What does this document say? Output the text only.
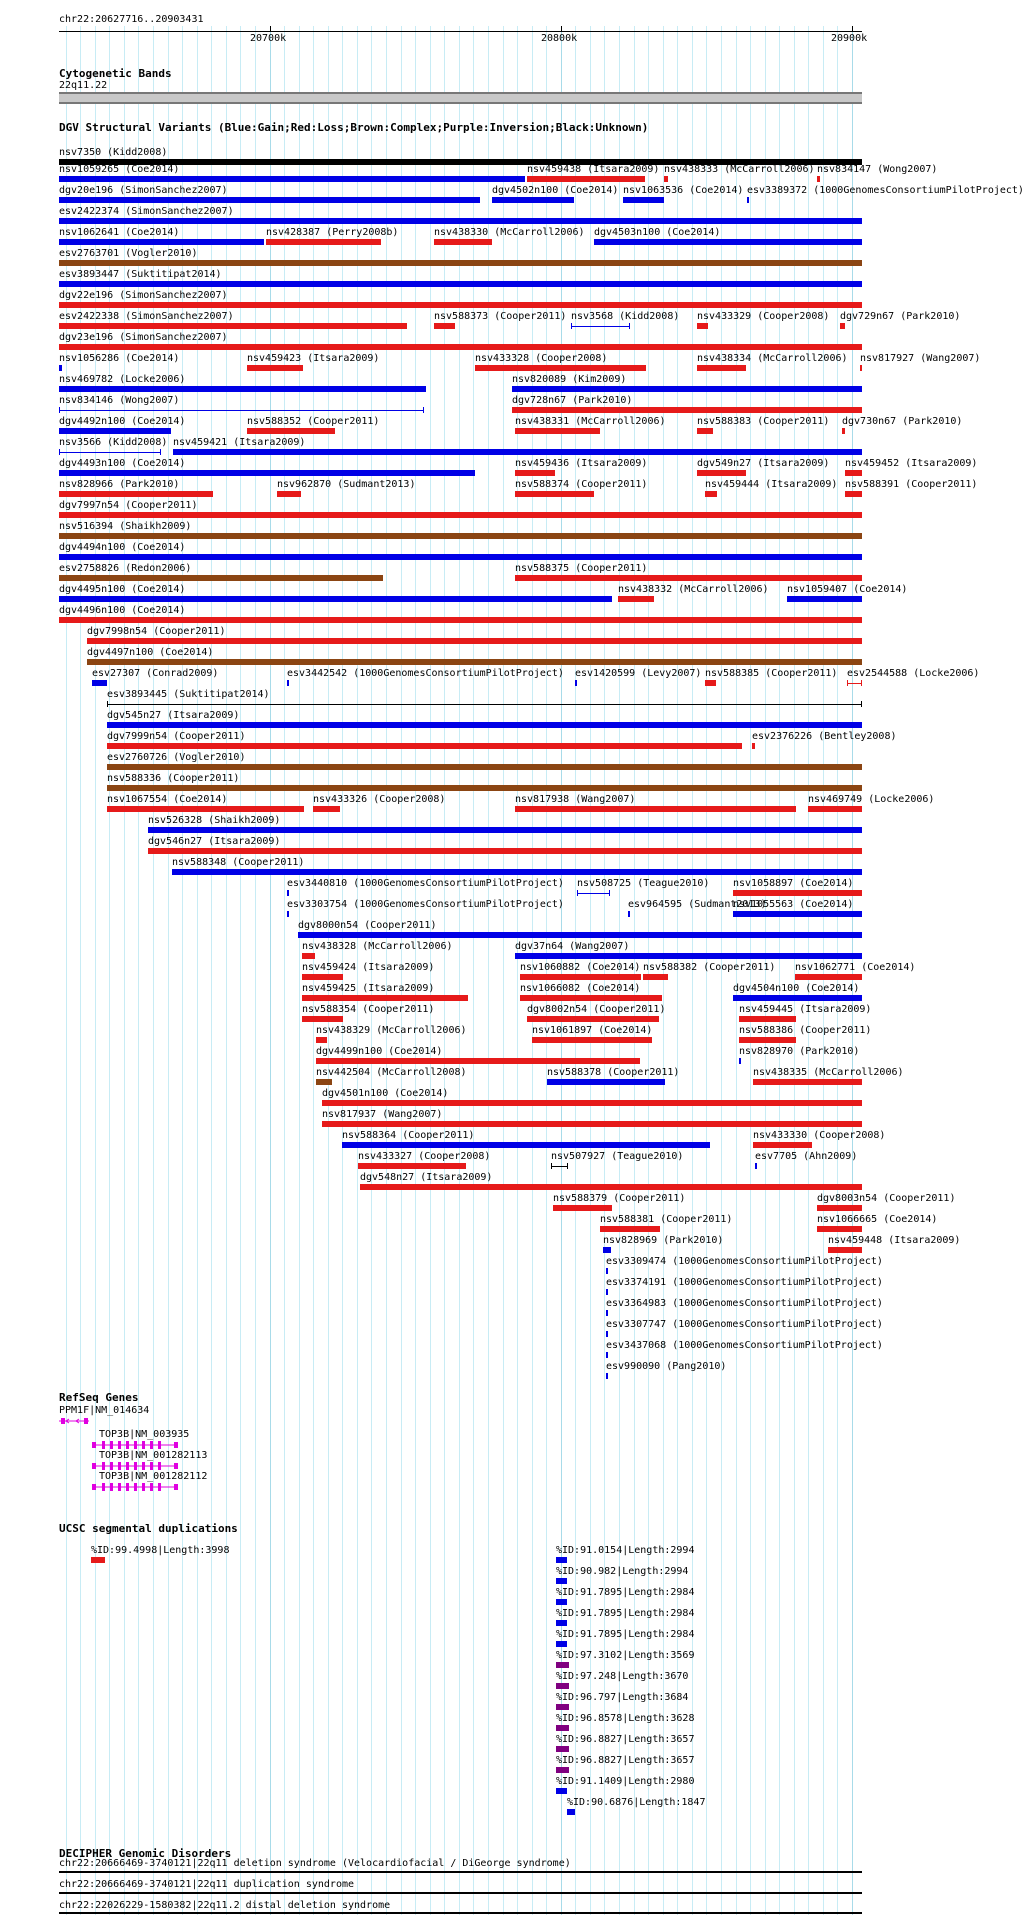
chr22:20627716..20903431
20700k	20800k	20900k
Cytogenetic Bands
22q11.22
DGV Structural Variants (Blue:Gain;Red:Loss;Brown:Complex;Purple:Inversion;Black:Unknown)
nsv7350 (Kidd2008)
nsv1059265 (Coe2014)	nsv459438 (Itsara2009) nsv438333 (McCarroll2006) nsv834147 (Wong2007)
dgv20e196 (SimonSanchez2007)	dgv4502n100 (Coe2014) nsv1063536 (Coe2014) esv3389372 (1000GenomesConsortiumPilotProject)
esv2422374 (SimonSanchez2007)
nsv1062641 (Coe2014)	nsv428387 (Perry2008b)	nsv438330 (McCarroll2006) dgv4503n100 (Coe2014)
esv2763701 (Vogler2010)
esv3893447 (Suktitipat2014)
dgv22e196 (SimonSanchez2007)
esv2422338 (SimonSanchez2007)	nsv588373 (Cooper2011) nsv3568 (Kidd2008) nsv433329 (Cooper2008) dgv729n67 (Park2010)
dgv23e196 (SimonSanchez2007)
nsv1056286 (Coe2014)	nsv459423 (Itsara2009)	nsv433328 (Cooper2008)	nsv438334 (McCarroll2006) nsv817927 (Wang2007)
nsv469782 (Locke2006)	nsv820089 (Kim2009)
nsv834146 (Wong2007)	dgv728n67 (Park2010)
dgv4492n100 (Coe2014)	nsv588352 (Cooper2011)	nsv438331 (McCarroll2006)	nsv588383 (Cooper2011) dgv730n67 (Park2010)
nsv3566 (Kidd2008) nsv459421 (Itsara2009)
dgv4493n100 (Coe2014)	nsv459436 (Itsara2009)	dgv549n27 (Itsara2009) nsv459452 (Itsara2009)
nsv828966 (Park2010)	nsv962870 (Sudmant2013)	nsv588374 (Cooper2011)	nsv459444 (Itsara2009) nsv588391 (Cooper2011)
dgv7997n54 (Cooper2011)
nsv516394 (Shaikh2009)
dgv4494n100 (Coe2014)
esv2758826 (Redon2006)	nsv588375 (Cooper2011)
dgv4495n100 (Coe2014)	nsv438332 (McCarroll2006) nsv1059407 (Coe2014)
dgv4496n100 (Coe2014)
dgv7998n54 (Cooper2011)
dgv4497n100 (Coe2014)
esv27307 (Conrad2009)	esv3442542 (1000GenomesConsortiumPilotProject) esv1420599 (Levy2007) nsv588385 (Cooper2011) esv2544588 (Locke2006)
esv3893445 (Suktitipat2014)
dgv545n27 (Itsara2009)
dgv7999n54 (Cooper2011)	esv2376226 (Bentley2008)
esv2760726 (Vogler2010)
nsv588336 (Cooper2011)
nsv1067554 (Coe2014)	nsv433326 (Cooper2008)	nsv817938 (Wang2007)	nsv469749 (Locke2006)
nsv526328 (Shaikh2009)
dgv546n27 (Itsara2009)
nsv588348 (Cooper2011)
esv3440810 (1000GenomesConsortiumPilotProject) nsv508725 (Teague2010) nsv1058897 (Coe2014)
esv3303754 (1000GenomesConsortiumPilotProject)	esv964595 (Sudmant2013)
nsv1055563 (Coe2014)
dgv8000n54 (Cooper2011)
nsv438328 (McCarroll2006)	dgv37n64 (Wang2007)
nsv459424 (Itsara2009)	nsv1060882 (Coe2014) nsv588382 (Cooper2011) nsv1062771 (Coe2014)
nsv459425 (Itsara2009)	nsv1066082 (Coe2014)	dgv4504n100 (Coe2014)
nsv588354 (Cooper2011)	dgv8002n54 (Cooper2011)	nsv459445 (Itsara2009)
nsv438329 (McCarroll2006)	nsv1061897 (Coe2014)	nsv588386 (Cooper2011)
dgv4499n100 (Coe2014)	nsv828970 (Park2010)
nsv442504 (McCarroll2008)	nsv588378 (Cooper2011)	nsv438335 (McCarroll2006)
dgv4501n100 (Coe2014)
nsv817937 (Wang2007)
nsv588364 (Cooper2011)	nsv433330 (Cooper2008)
nsv433327 (Cooper2008)	nsv507927 (Teague2010)	esv7705 (Ahn2009)
dgv548n27 (Itsara2009)
nsv588379 (Cooper2011)	dgv8003n54 (Cooper2011)
nsv588381 (Cooper2011)	nsv1066665 (Coe2014)
nsv828969 (Park2010)	nsv459448 (Itsara2009)
esv3309474 (1000GenomesConsortiumPilotProject)
esv3374191 (1000GenomesConsortiumPilotProject)
esv3364983 (1000GenomesConsortiumPilotProject)
esv3307747 (1000GenomesConsortiumPilotProject)
esv3437068 (1000GenomesConsortiumPilotProject)
esv990090 (Pang2010)
RefSeq Genes
PPM1F|NM_014634
TOP3B|NM_003935
TOP3B|NM_001282113
TOP3B|NM_001282112
UCSC segmental duplications
%ID:99.4998|Length:3998	%ID:91.0154|Length:2994
%ID:90.982|Length:2994
%ID:91.7895|Length:2984
%ID:91.7895|Length:2984
%ID:91.7895|Length:2984
%ID:97.3102|Length:3569
%ID:97.248|Length:3670
%ID:96.797|Length:3684
%ID:96.8578|Length:3628
%ID:96.8827|Length:3657
%ID:96.8827|Length:3657
%ID:91.1409|Length:2980
%ID:90.6876|Length:1847
DECIPHER Genomic Disorders
chr22:20666469-3740121|22q11 deletion syndrome (Velocardiofacial / DiGeorge syndrome)
chr22:20666469-3740121|22q11 duplication syndrome
chr22:22026229-1580382|22q11.2 distal deletion syndrome
